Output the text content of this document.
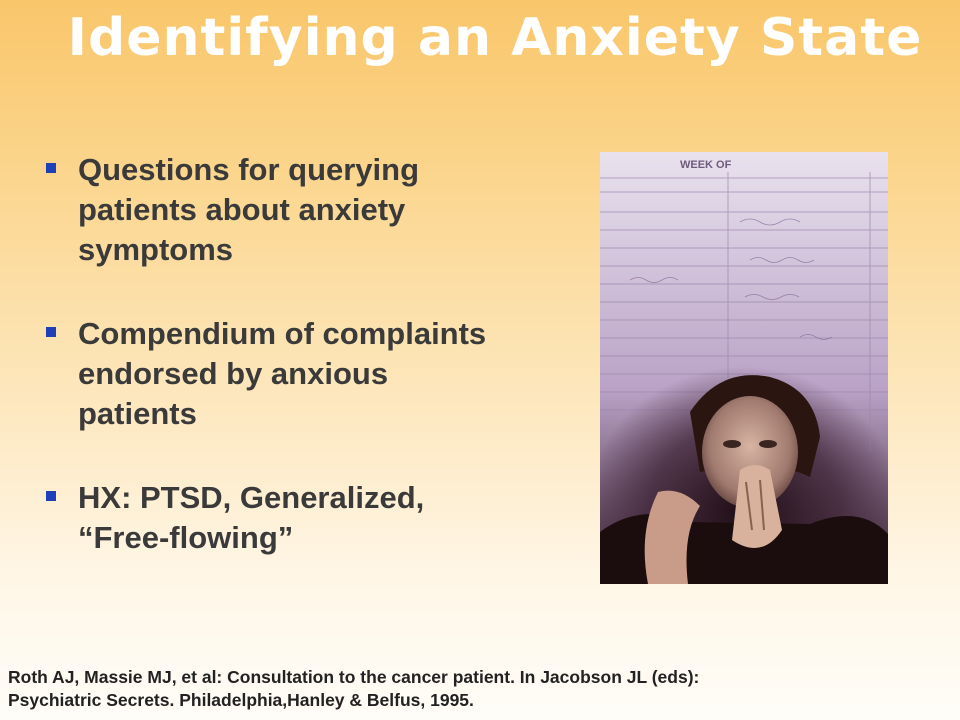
Identifying an Anxiety State
Questions for querying patients about anxiety symptoms
Compendium of complaints endorsed by anxious patients
HX: PTSD, Generalized, “Free-flowing”
WEEK OF
Roth AJ, Massie MJ, et al: Consultation to the cancer patient. In Jacobson JL (eds):
Psychiatric Secrets. Philadelphia,Hanley & Belfus, 1995.
